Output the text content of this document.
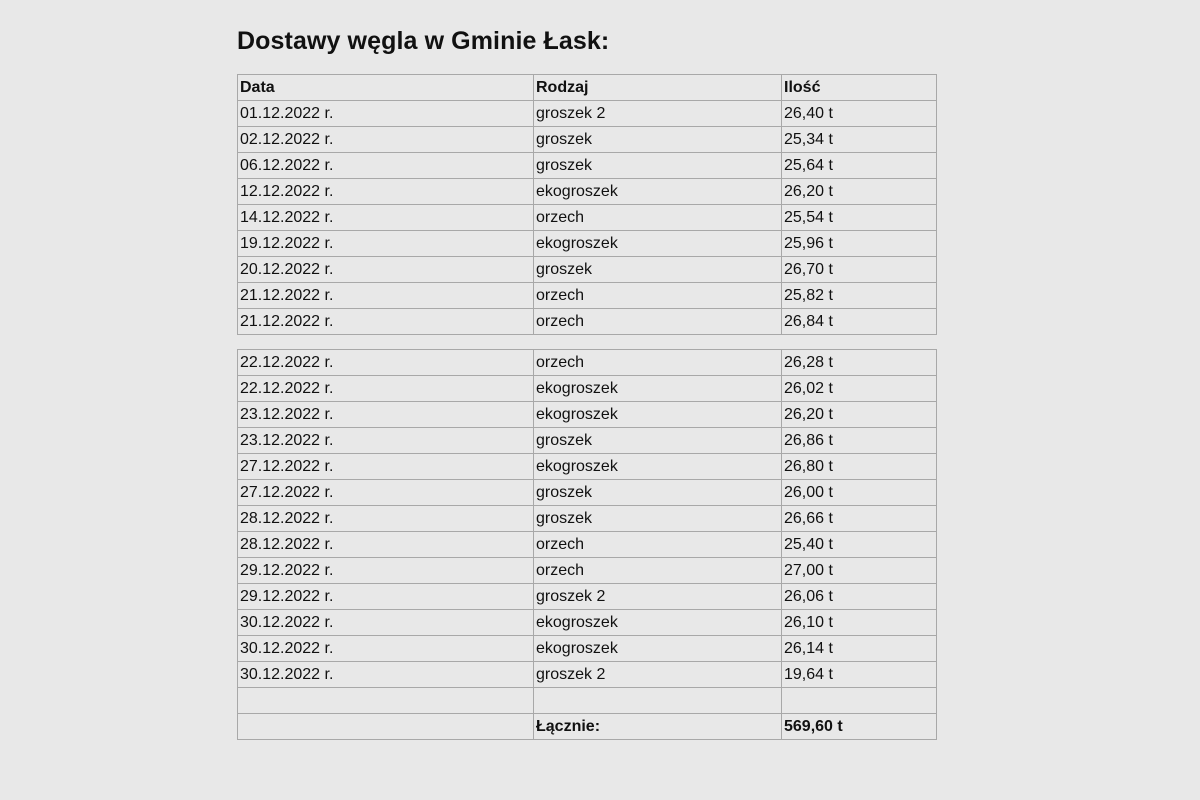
Dostawy węgla w Gminie Łask:
Data	Rodzaj	Ilość
01.12.2022 r.	groszek 2	26,40 t
02.12.2022 r.	groszek	25,34 t
06.12.2022 r.	groszek	25,64 t
12.12.2022 r.	ekogroszek	26,20 t
14.12.2022 r.	orzech	25,54 t
19.12.2022 r.	ekogroszek	25,96 t
20.12.2022 r.	groszek	26,70 t
21.12.2022 r.	orzech	25,82 t
21.12.2022 r.	orzech	26,84 t
22.12.2022 r.	orzech	26,28 t
22.12.2022 r.	ekogroszek	26,02 t
23.12.2022 r.	ekogroszek	26,20 t
23.12.2022 r.	groszek	26,86 t
27.12.2022 r.	ekogroszek	26,80 t
27.12.2022 r.	groszek	26,00 t
28.12.2022 r.	groszek	26,66 t
28.12.2022 r.	orzech	25,40 t
29.12.2022 r.	orzech	27,00 t
29.12.2022 r.	groszek 2	26,06 t
30.12.2022 r.	ekogroszek	26,10 t
30.12.2022 r.	ekogroszek	26,14 t
30.12.2022 r.	groszek 2	19,64 t

	Łącznie:	569,60 t
